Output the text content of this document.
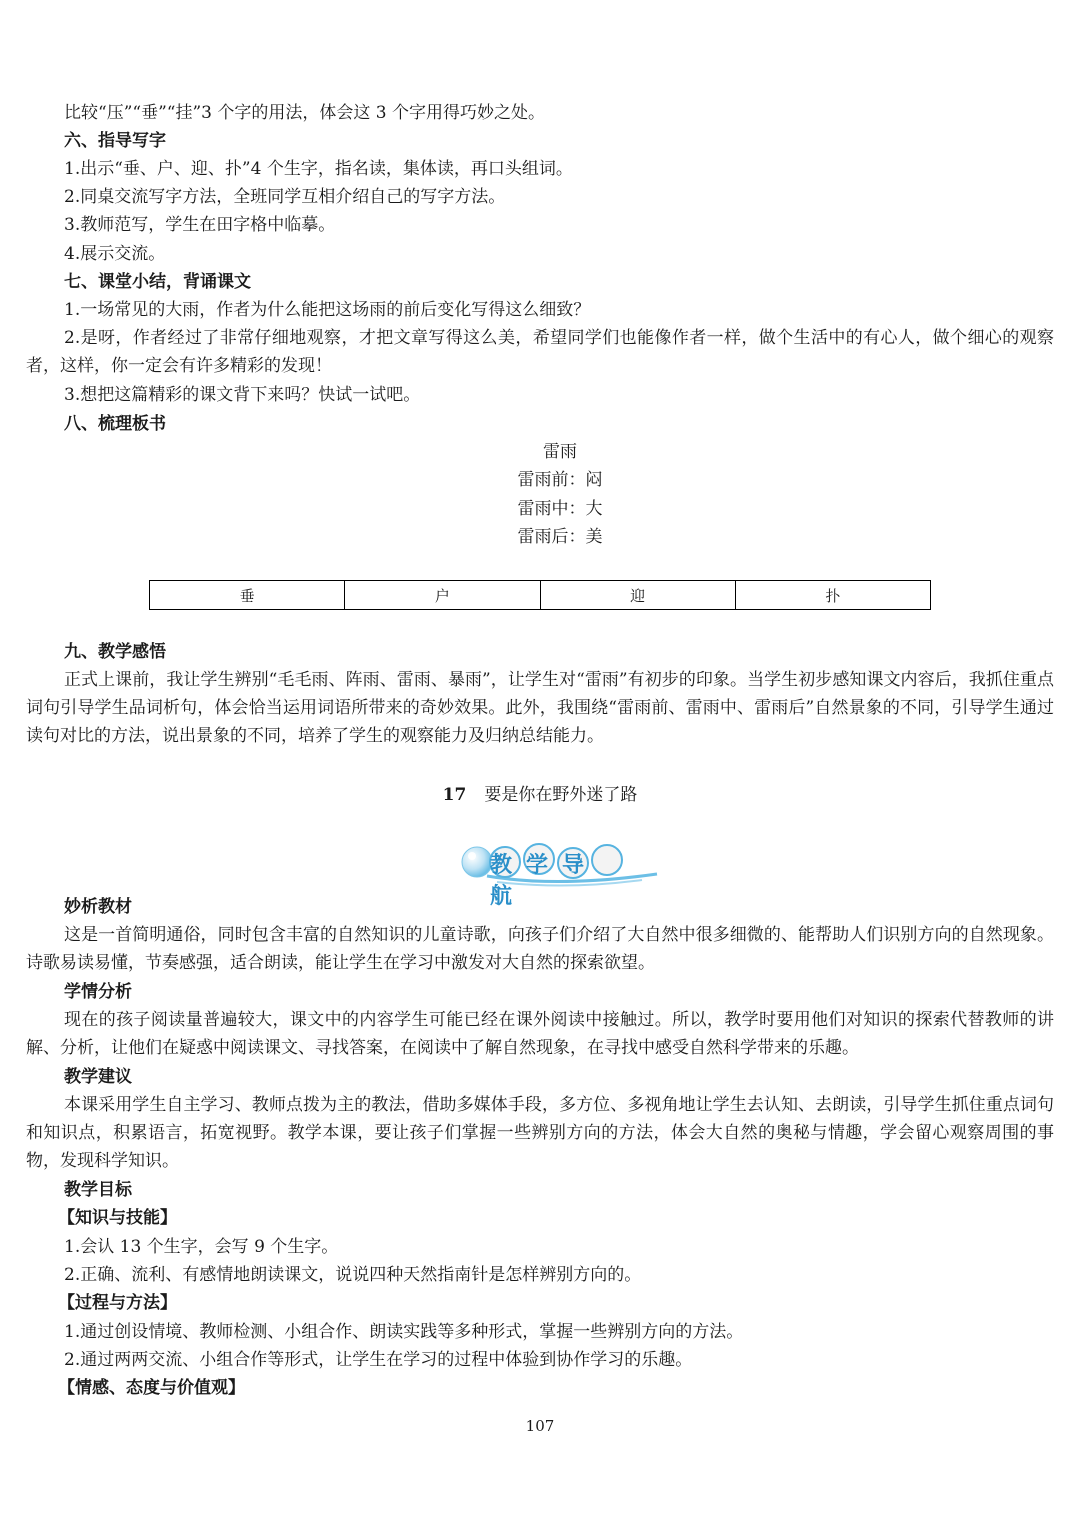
比较“压”“垂”“挂”3 个字的用法，体会这 3 个字用得巧妙之处。

六、指导写字

1.出示“垂、户、迎、扑”4 个生字，指名读，集体读，再口头组词。

2.同桌交流写字方法，全班同学互相介绍自己的写字方法。

3.教师范写，学生在田字格中临摹。

4.展示交流。

七、课堂小结，背诵课文

1.一场常见的大雨，作者为什么能把这场雨的前后变化写得这么细致？

2.是呀，作者经过了非常仔细地观察，才把文章写得这么美，希望同学们也能像作者一样，做个生活中的有心人，做个细心的观察者，这样，你一定会有许多精彩的发现！

3.想把这篇精彩的课文背下来吗？快试一试吧。

八、梳理板书

雷雨
雷雨前：闷
雷雨中：大
雷雨后：美
垂	户	迎	扑

九、教学感悟

正式上课前，我让学生辨别“毛毛雨、阵雨、雷雨、暴雨”，让学生对“雷雨”有初步的印象。当学生初步感知课文内容后，我抓住重点词句引导学生品词析句，体会恰当运用词语所带来的奇妙效果。此外，我围绕“雷雨前、雷雨中、雷雨后”自然景象的不同，引导学生通过读句对比的方法，说出景象的不同，培养了学生的观察能力及归纳总结能力。

17 要是你在野外迷了路
教学导航

妙析教材

这是一首简明通俗，同时包含丰富的自然知识的儿童诗歌，向孩子们介绍了大自然中很多细微的、能帮助人们识别方向的自然现象。诗歌易读易懂，节奏感强，适合朗读，能让学生在学习中激发对大自然的探索欲望。

学情分析

现在的孩子阅读量普遍较大，课文中的内容学生可能已经在课外阅读中接触过。所以，教学时要用他们对知识的探索代替教师的讲解、分析，让他们在疑惑中阅读课文、寻找答案，在阅读中了解自然现象，在寻找中感受自然科学带来的乐趣。

教学建议

本课采用学生自主学习、教师点拨为主的教法，借助多媒体手段，多方位、多视角地让学生去认知、去朗读，引导学生抓住重点词句和知识点，积累语言，拓宽视野。教学本课，要让孩子们掌握一些辨别方向的方法，体会大自然的奥秘与情趣，学会留心观察周围的事物，发现科学知识。

教学目标

【知识与技能】

1.会认 13 个生字，会写 9 个生字。

2.正确、流利、有感情地朗读课文，说说四种天然指南针是怎样辨别方向的。

【过程与方法】

1.通过创设情境、教师检测、小组合作、朗读实践等多种形式，掌握一些辨别方向的方法。

2.通过两两交流、小组合作等形式，让学生在学习的过程中体验到协作学习的乐趣。

【情感、态度与价值观】

107
